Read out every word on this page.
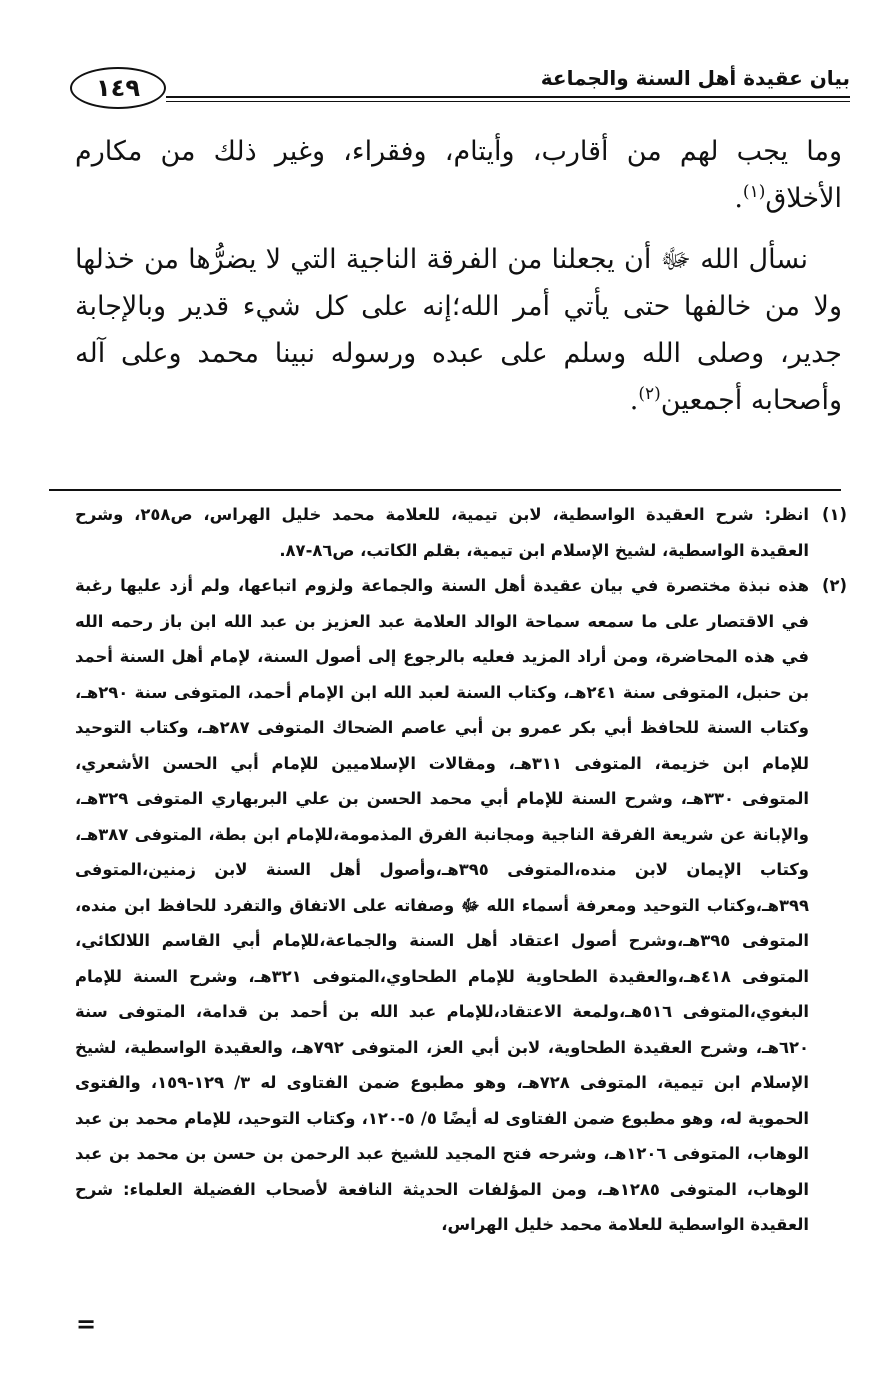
بيان عقيدة أهل السنة والجماعة
١٤٩

وما يجب لهم من أقارب، وأيتام، وفقراء، وغير ذلك من مكارم الأخلاق$^{(١)}$.

نسأل الله ﷻ أن يجعلنا من الفرقة الناجية التي لا يضرُّها من خذلها ولا من خالفها حتى يأتي أمر الله؛إنه على كل شيء قدير وبالإجابة جدير، وصلى الله وسلم على عبده ورسوله نبينا محمد وعلى آله وأصحابه أجمعين$^{(٢)}$.

(١)
انظر: شرح العقيدة الواسطية، لابن تيمية، للعلامة محمد خليل الهراس، ص٢٥٨، وشرح العقيدة الواسطية، لشيخ الإسلام ابن تيمية، بقلم الكاتب، ص٨٦-٨٧.

(٢)
هذه نبذة مختصرة في بيان عقيدة أهل السنة والجماعة ولزوم اتباعها، ولم أزد عليها رغبة في الاقتصار على ما سمعه سماحة الوالد العلامة عبد العزيز بن عبد الله ابن باز رحمه الله في هذه المحاضرة، ومن أراد المزيد فعليه بالرجوع إلى أصول السنة، لإمام أهل السنة أحمد بن حنبل، المتوفى سنة ٢٤١هـ، وكتاب السنة لعبد الله ابن الإمام أحمد، المتوفى سنة ٢٩٠هـ، وكتاب السنة للحافظ أبي بكر عمرو بن أبي عاصم الضحاك المتوفى ٢٨٧هـ، وكتاب التوحيد للإمام ابن خزيمة، المتوفى ٣١١هـ، ومقالات الإسلاميين للإمام أبي الحسن الأشعري، المتوفى ٣٣٠هـ، وشرح السنة للإمام أبي محمد الحسن بن علي البربهاري المتوفى ٣٢٩هـ، والإبانة عن شريعة الفرقة الناجية ومجانبة الفرق المذمومة،للإمام ابن بطة، المتوفى ٣٨٧هـ، وكتاب الإيمان لابن منده،المتوفى ٣٩٥هـ،وأصول أهل السنة لابن زمنين،المتوفى ٣٩٩هـ،وكتاب التوحيد ومعرفة أسماء الله ﷻ وصفاته على الاتفاق والتفرد للحافظ ابن منده، المتوفى ٣٩٥هـ،وشرح أصول اعتقاد أهل السنة والجماعة،للإمام أبي القاسم اللالكائي، المتوفى ٤١٨هـ،والعقيدة الطحاوية للإمام الطحاوي،المتوفى ٣٢١هـ، وشرح السنة للإمام البغوي،المتوفى ٥١٦هـ،ولمعة الاعتقاد،للإمام عبد الله بن أحمد بن قدامة، المتوفى سنة ٦٢٠هـ، وشرح العقيدة الطحاوية، لابن أبي العز، المتوفى ٧٩٢هـ، والعقيدة الواسطية، لشيخ الإسلام ابن تيمية، المتوفى ٧٢٨هـ، وهو مطبوع ضمن الفتاوى له ٣/ ١٢٩-١٥٩، والفتوى الحموية له، وهو مطبوع ضمن الفتاوى له أيضًا ٥/ ٥-١٢٠، وكتاب التوحيد، للإمام محمد بن عبد الوهاب، المتوفى ١٢٠٦هـ، وشرحه فتح المجيد للشيخ عبد الرحمن بن حسن بن محمد بن عبد الوهاب، المتوفى ١٢٨٥هـ، ومن المؤلفات الحديثة النافعة لأصحاب الفضيلة العلماء: شرح العقيدة الواسطية للعلامة محمد خليل الهراس،

=
